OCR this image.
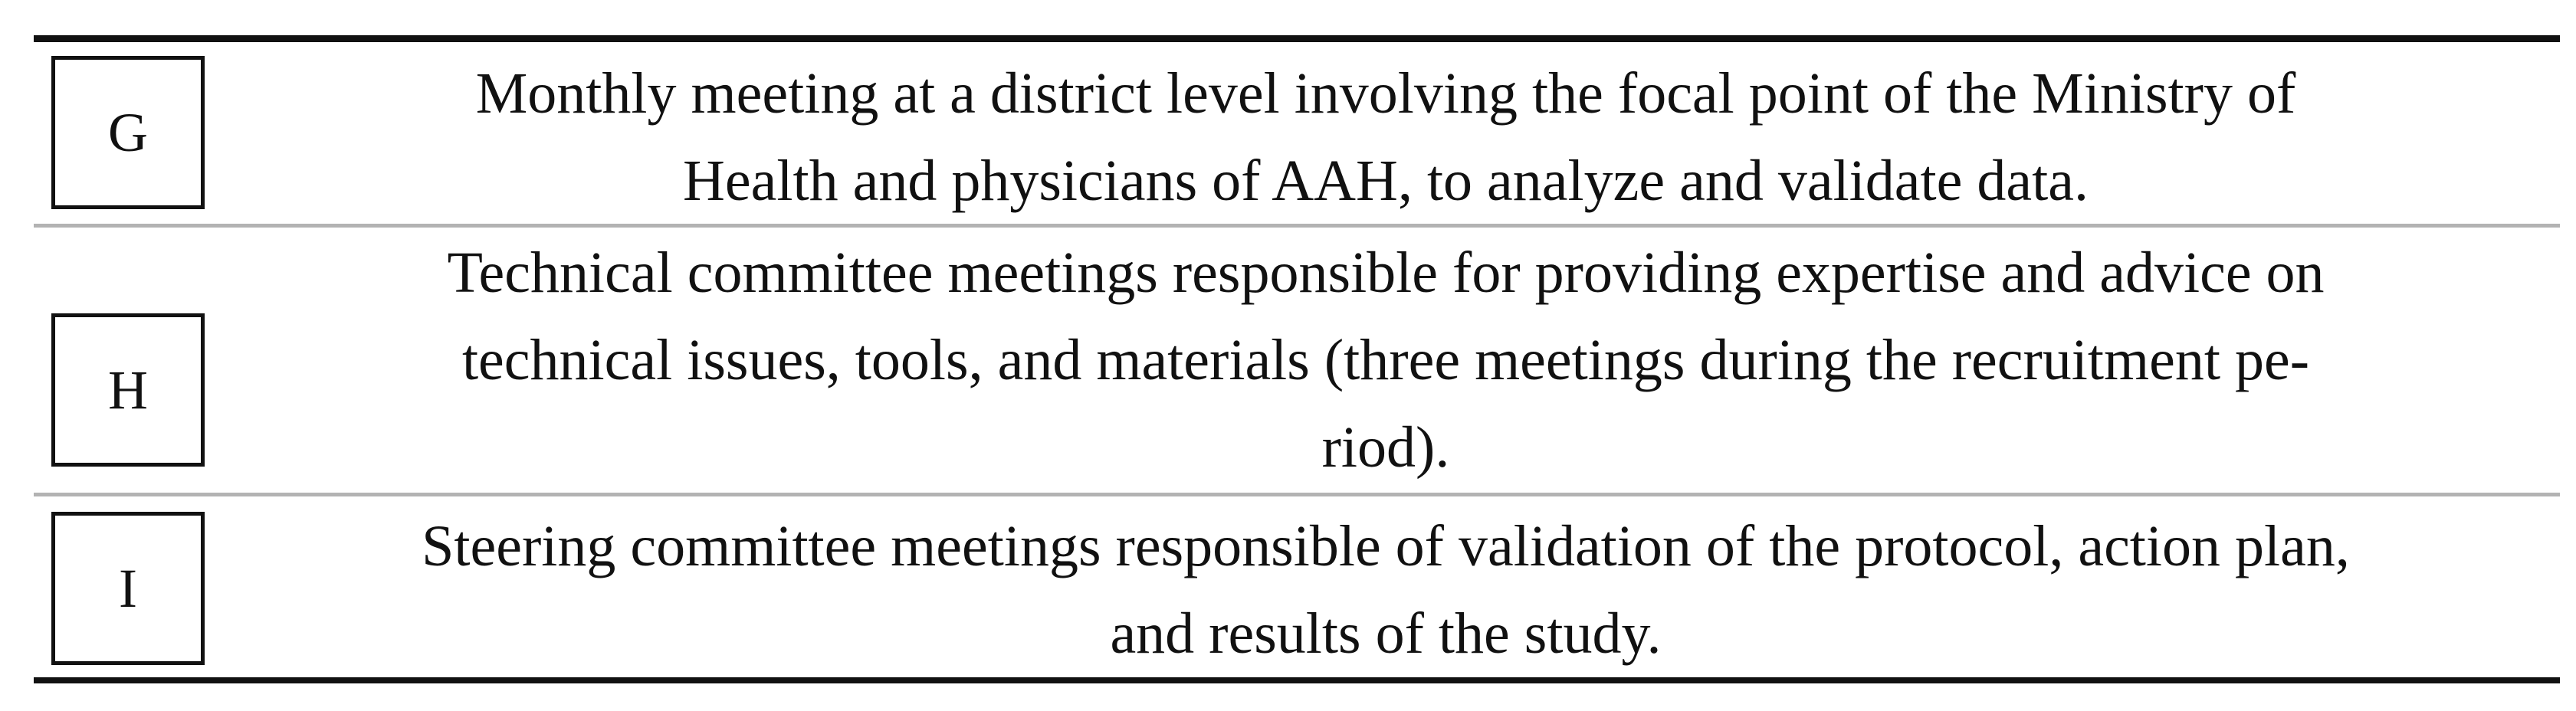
G
Monthly meeting at a district level involving the focal point of the Ministry of
Health and physicians of AAH, to analyze and validate data.
H
Technical committee meetings responsible for providing expertise and advice on
technical issues, tools, and materials (three meetings during the recruitment pe-
riod).
I
Steering committee meetings responsible of validation of the protocol, action plan,
and results of the study.
